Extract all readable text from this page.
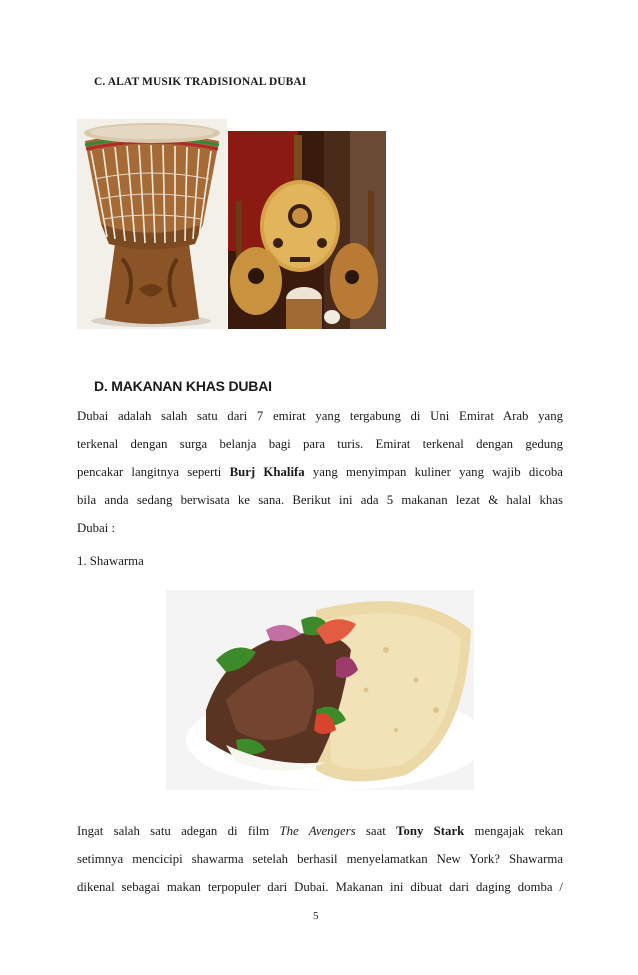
C. ALAT MUSIK TRADISIONAL DUBAI
D. MAKANAN KHAS DUBAI
Dubai adalah salah satu dari 7 emirat yang tergabung di Uni Emirat Arab yang
terkenal dengan surga belanja bagi para turis. Emirat terkenal dengan gedung
pencakar langitnya seperti Burj Khalifa yang menyimpan kuliner yang wajib dicoba
bila anda sedang berwisata ke sana. Berikut ini ada 5 makanan lezat & halal khas
Dubai :
1. Shawarma
Ingat salah satu adegan di film The Avengers saat Tony Stark mengajak rekan
setimnya mencicipi shawarma setelah berhasil menyelamatkan New York? Shawarma
dikenal sebagai makan terpopuler dari Dubai. Makanan ini dibuat dari daging domba /
5
